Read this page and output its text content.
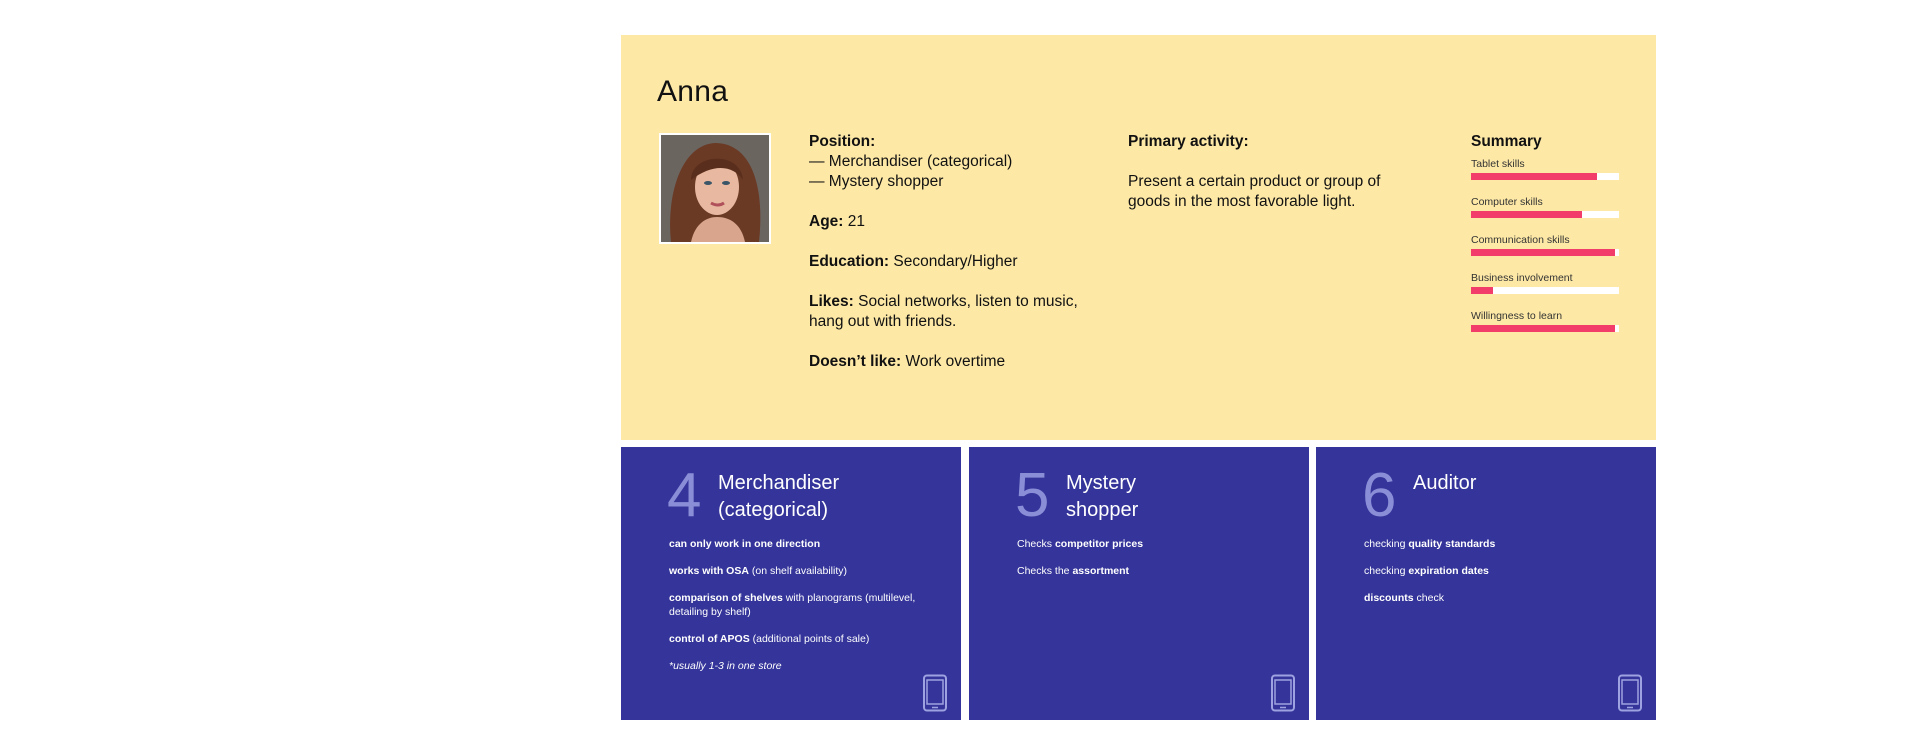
Anna
Position:
— Merchandiser (categorical)
— Mystery shopper
Age: 21
Education: Secondary/Higher
Likes: Social networks, listen to music, hang out with friends.
Doesn’t like: Work overtime
Primary activity:
Present a certain product or group of goods in the most favorable light.
Summary
Tablet skills
Computer skills
Communication skills
Business involvement
Willingness to learn
4 Merchandiser
(categorical)
can only work in one direction
works with OSA (on shelf availability)
comparison of shelves with planograms (multilevel, detailing by shelf)
control of APOS (additional points of sale)
*usually 1-3 in one store
5 Mystery
shopper
Checks competitor prices
Checks the assortment
6 Auditor
checking quality standards
checking expiration dates
discounts check
